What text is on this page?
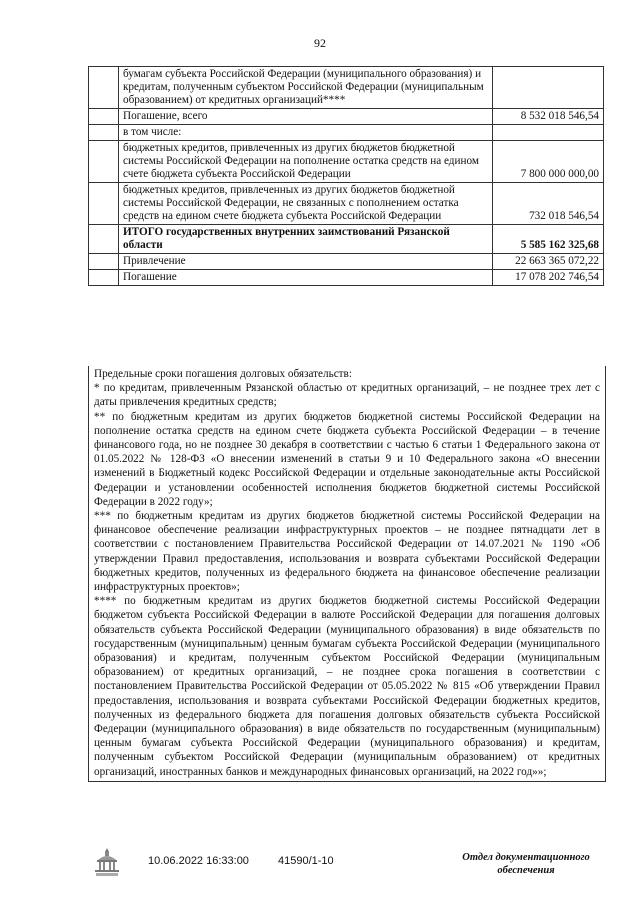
92
	бумагам субъекта Российской Федерации (муниципального образования) и кредитам, полученным субъектом Российской Федерации (муниципальным образованием) от кредитных организаций****	
	Погашение, всего	8 532 018 546,54
	в том числе:	
	бюджетных кредитов, привлеченных из других бюджетов бюджетной системы Российской Федерации на пополнение остатка средств на едином счете бюджета субъекта Российской Федерации	7 800 000 000,00
	бюджетных кредитов, привлеченных из других бюджетов бюджетной системы Российской Федерации, не связанных с пополнением остатка средств на едином счете бюджета субъекта Российской Федерации	732 018 546,54
	ИТОГО государственных внутренних заимствований Рязанской области	5 585 162 325,68
	Привлечение	22 663 365 072,22
	Погашение	17 078 202 746,54

Предельные сроки погашения долговых обязательств:

* по кредитам, привлеченным Рязанской областью от кредитных организаций, – не позднее трех лет с даты привлечения кредитных средств;

** по бюджетным кредитам из других бюджетов бюджетной системы Российской Федерации на пополнение остатка средств на едином счете бюджета субъекта Российской Федерации – в течение финансового года, но не позднее 30 декабря в соответствии с частью 6 статьи 1 Федерального закона от 01.05.2022 № 128-ФЗ «О внесении изменений в статьи 9 и 10 Федерального закона «О внесении изменений в Бюджетный кодекс Российской Федерации и отдельные законодательные акты Российской Федерации и установлении особенностей исполнения бюджетов бюджетной системы Российской Федерации в 2022 году»;

*** по бюджетным кредитам из других бюджетов бюджетной системы Российской Федерации на финансовое обеспечение реализации инфраструктурных проектов – не позднее пятнадцати лет в соответствии с постановлением Правительства Российской Федерации от 14.07.2021 № 1190 «Об утверждении Правил предоставления, использования и возврата субъектами Российской Федерации бюджетных кредитов, полученных из федерального бюджета на финансовое обеспечение реализации инфраструктурных проектов»;

**** по бюджетным кредитам из других бюджетов бюджетной системы Российской Федерации бюджетом субъекта Российской Федерации в валюте Российской Федерации для погашения долговых обязательств субъекта Российской Федерации (муниципального образования) в виде обязательств по государственным (муниципальным) ценным бумагам субъекта Российской Федерации (муниципального образования) и кредитам, полученным субъектом Российской Федерации (муниципальным образованием) от кредитных организаций, – не позднее срока погашения в соответствии с постановлением Правительства Российской Федерации от 05.05.2022 № 815 «Об утверждении Правил предоставления, использования и возврата субъектами Российской Федерации бюджетных кредитов, полученных из федерального бюджета для погашения долговых обязательств субъекта Российской Федерации (муниципального образования) в виде обязательств по государственным (муниципальным) ценным бумагам субъекта Российской Федерации (муниципального образования) и кредитам, полученным субъектом Российской Федерации (муниципальным образованием) от кредитных организаций, иностранных банков и международных финансовых организаций, на 2022 год»»;

10.06.2022 16:33:00	41590/1-10	Отдел документационного
обеспечения
